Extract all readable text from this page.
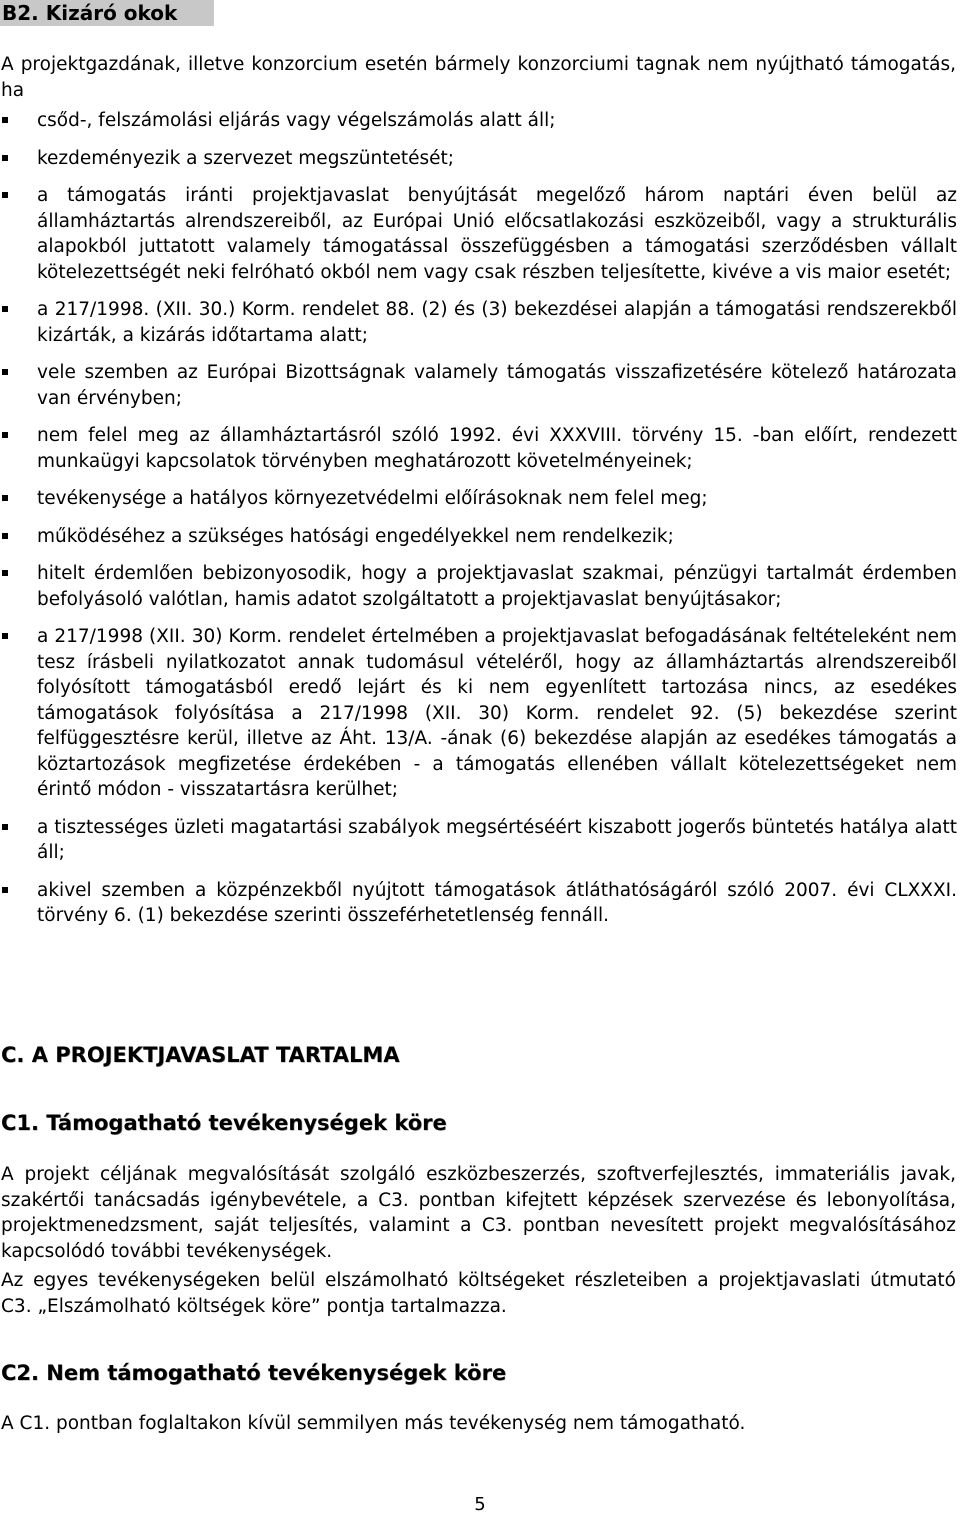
B2. Kizáró okok

A projektgazdának, illetve konzorcium esetén bármely konzorciumi tagnak nem nyújtható támogatás, ha

csőd-, felszámolási eljárás vagy végelszámolás alatt áll;
kezdeményezik a szervezet megszüntetését;
a támogatás iránti projektjavaslat benyújtását megelőző három naptári éven belül az államháztartás alrendszereiből, az Európai Unió előcsatlakozási eszközeiből, vagy a strukturális alapokból juttatott valamely támogatással összefüggésben a támogatási szerződésben vállalt kötelezettségét neki felróható okból nem vagy csak részben teljesítette, kivéve a vis maior esetét;
a 217/1998. (XII. 30.) Korm. rendelet 88. (2) és (3) bekezdései alapján a támogatási rendszerekből kizárták, a kizárás időtartama alatt;
vele szemben az Európai Bizottságnak valamely támogatás visszafizetésére kötelező határozata van érvényben;
nem felel meg az államháztartásról szóló 1992. évi XXXVIII. törvény 15. -ban előírt, rendezett munkaügyi kapcsolatok törvényben meghatározott követelményeinek;
tevékenysége a hatályos környezetvédelmi előírásoknak nem felel meg;
működéséhez a szükséges hatósági engedélyekkel nem rendelkezik;
hitelt érdemlően bebizonyosodik, hogy a projektjavaslat szakmai, pénzügyi tartalmát érdemben befolyásoló valótlan, hamis adatot szolgáltatott a projektjavaslat benyújtásakor;
a 217/1998 (XII. 30) Korm. rendelet értelmében a projektjavaslat befogadásának feltételeként nem tesz írásbeli nyilatkozatot annak tudomásul vételéről, hogy az államháztartás alrendszereiből folyósított támogatásból eredő lejárt és ki nem egyenlített tartozása nincs, az esedékes támogatások folyósítása a 217/1998 (XII. 30) Korm. rendelet 92. (5) bekezdése szerint felfüggesztésre kerül, illetve az Áht. 13/A. -ának (6) bekezdése alapján az esedékes támogatás a köztartozások megfizetése érdekében - a támogatás ellenében vállalt kötelezettségeket nem érintő módon - visszatartásra kerülhet;
a tisztességes üzleti magatartási szabályok megsértéséért kiszabott jogerős büntetés hatálya alatt áll;
akivel szemben a közpénzekből nyújtott támogatások átláthatóságáról szóló 2007. évi CLXXXI. törvény 6. (1) bekezdése szerinti összeférhetetlenség fennáll.
C. A PROJEKTJAVASLAT TARTALMA
C1. Támogatható tevékenységek köre

A projekt céljának megvalósítását szolgáló eszközbeszerzés, szoftverfejlesztés, immateriális javak, szakértői tanácsadás igénybevétele, a C3. pontban kifejtett képzések szervezése és lebonyolítása, projektmenedzsment, saját teljesítés, valamint a C3. pontban nevesített projekt megvalósításához kapcsolódó további tevékenységek.

Az egyes tevékenységeken belül elszámolható költségeket részleteiben a projektjavaslati útmutató C3. „Elszámolható költségek köre” pontja tartalmazza.

C2. Nem támogatható tevékenységek köre

A C1. pontban foglaltakon kívül semmilyen más tevékenység nem támogatható.

5
